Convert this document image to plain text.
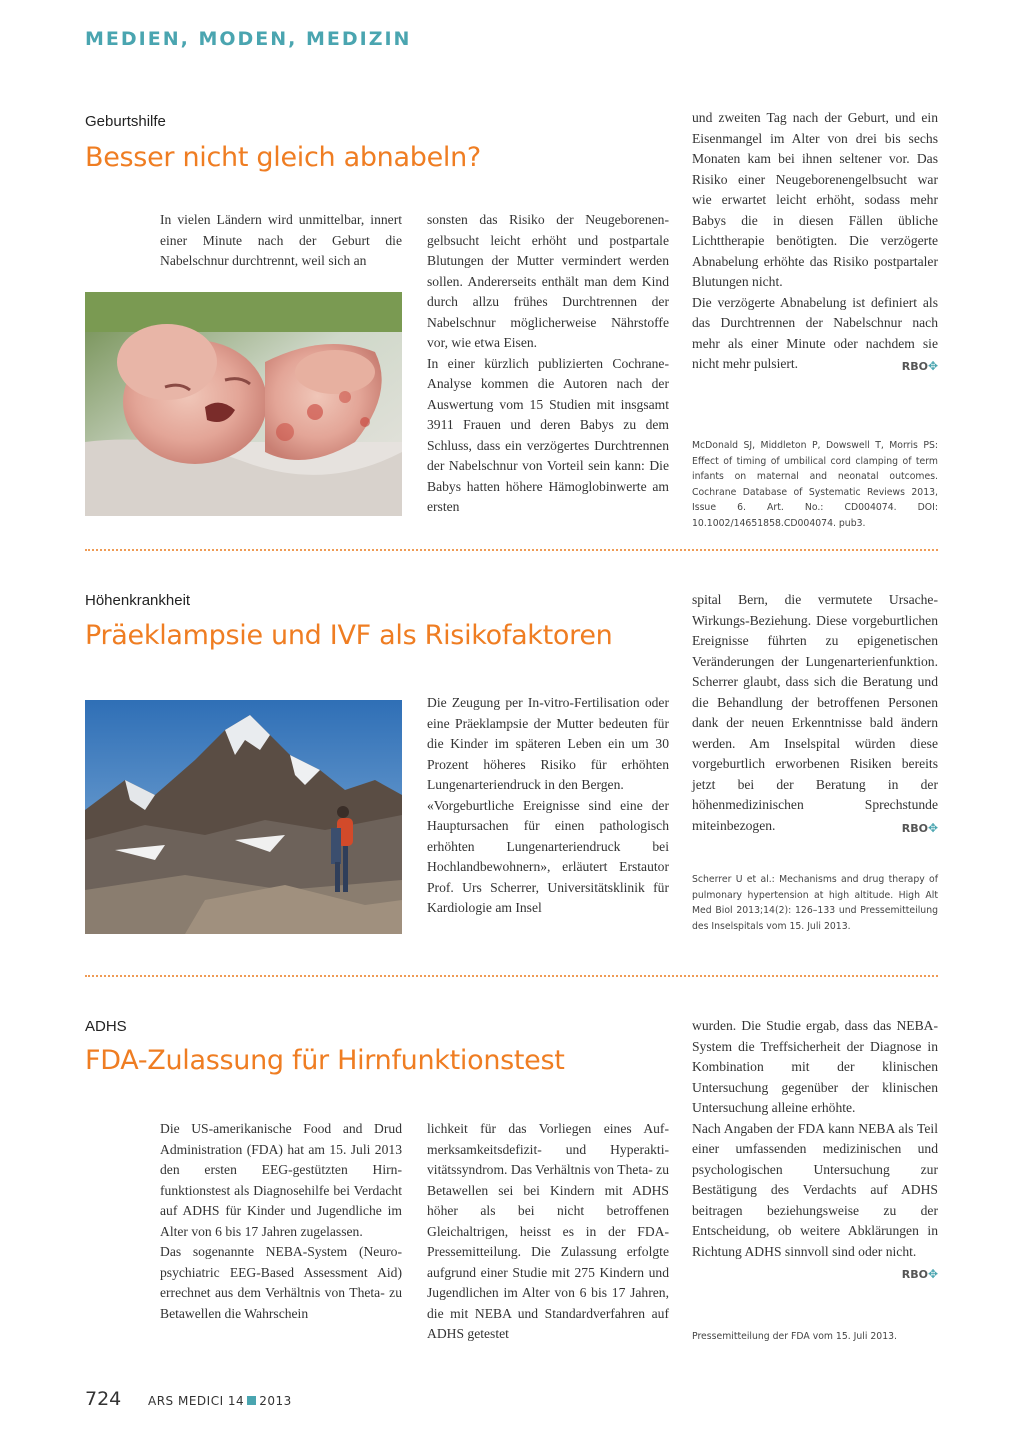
MEDIEN, MODEN, MEDIZIN
Geburtshilfe
Besser nicht gleich abnabeln?

In vielen Ländern wird unmittelbar, innert einer Minute nach der Geburt die Nabelschnur durchtrennt, weil sich an

sonsten das Risiko der Neugeborenengelbsucht leicht erhöht und postpartale Blutungen der Mutter vermindert werden sollen. Andererseits enthält man dem Kind durch allzu frühes Durchtrennen der Nabelschnur möglicherweise Nährstoffe vor, wie etwa Eisen.

In einer kürzlich publizierten Cochrane-Analyse kommen die Autoren nach der Auswertung vom 15 Studien mit insgsamt 3911 Frauen und deren Babys zu dem Schluss, dass ein verzögertes Durchtrennen der Nabelschnur von Vorteil sein kann: Die Babys hatten höhere Hämoglobinwerte am ersten

und zweiten Tag nach der Geburt, und ein Eisenmangel im Alter von drei bis sechs Monaten kam bei ihnen seltener vor. Das Risiko einer Neugeborenengelbsucht war wie erwartet leicht erhöht, sodass mehr Babys die in diesen Fällen übliche Lichttherapie benötigten. Die verzögerte Abnabelung erhöhte das Risiko postpartaler Blutungen nicht.

Die verzögerte Abnabelung ist definiert als das Durchtrennen der Nabelschnur nach mehr als einer Minute oder nachdem sie nicht mehr pulsiert.	RBO✥

McDonald SJ, Middleton P, Dowswell T, Morris PS: Effect of timing of umbilical cord clamping of term infants on maternal and neonatal outcomes. Cochrane Database of Systematic Reviews 2013, Issue 6. Art. No.: CD004074. DOI: 10.1002/14651858.CD004074. pub3.
Höhenkrankheit
Präeklampsie und IVF als Risikofaktoren

Die Zeugung per In-vitro-Fertilisation oder eine Präeklampsie der Mutter bedeuten für die Kinder im späteren Leben ein um 30 Prozent höheres Risiko für erhöhten Lungenarteriendruck in den Bergen.

«Vorgeburtliche Ereignisse sind eine der Hauptursachen für einen pathologisch erhöhten Lungenarteriendruck bei Hochlandbewohnern», erläutert Erstautor Prof. Urs Scherrer, Universitätsklinik für Kardiologie am Insel

spital Bern, die vermutete Ursache-Wirkungs-Beziehung. Diese vorgeburtlichen Ereignisse führten zu epigenetischen Veränderungen der Lungenarterienfunktion. Scherrer glaubt, dass sich die Beratung und die Behandlung der betroffenen Personen dank der neuen Erkenntnisse bald ändern werden. Am Inselspital würden diese vorgeburtlich erworbenen Risiken bereits jetzt bei der Beratung in der höhenmedizinischen Sprechstunde miteinbezogen.	RBO✥

Scherrer U et al.: Mechanisms and drug therapy of pulmonary hypertension at high altitude. High Alt Med Biol 2013;14(2): 126–133 und Pressemitteilung des Inselspitals vom 15. Juli 2013.
ADHS
FDA-Zulassung für Hirnfunktionstest

Die US-amerikanische Food and Drud Administration (FDA) hat am 15. Juli 2013 den ersten EEG-gestützten Hirnfunktionstest als Diagnosehilfe bei Verdacht auf ADHS für Kinder und Jugendliche im Alter von 6 bis 17 Jahren zugelassen.

Das sogenannte NEBA-System (Neuropsychiatric EEG-Based Assessment Aid) errechnet aus dem Verhältnis von Theta- zu Betawellen die Wahrschein

lichkeit für das Vorliegen eines Aufmerksamkeitsdefizit- und Hyperaktivitätssyndrom. Das Verhältnis von Theta- zu Betawellen sei bei Kindern mit ADHS höher als bei nicht betroffenen Gleichaltrigen, heisst es in der FDA-Pressemitteilung. Die Zulassung erfolgte aufgrund einer Studie mit 275 Kindern und Jugendlichen im Alter von 6 bis 17 Jahren, die mit NEBA und Standardverfahren auf ADHS getestet

wurden. Die Studie ergab, dass das NEBA-System die Treffsicherheit der Diagnose in Kombination mit der klinischen Untersuchung gegenüber der klinischen Untersuchung alleine erhöhte.

Nach Angaben der FDA kann NEBA als Teil einer umfassenden medizinischen und psychologischen Untersuchung zur Bestätigung des Verdachts auf ADHS beitragen beziehungsweise zu der Entscheidung, ob weitere Abklärungen in Richtung ADHS sinnvoll sind oder nicht.
RBO✥

Pressemitteilung der FDA vom 15. Juli 2013.
724 ARS MEDICI 14 2013
